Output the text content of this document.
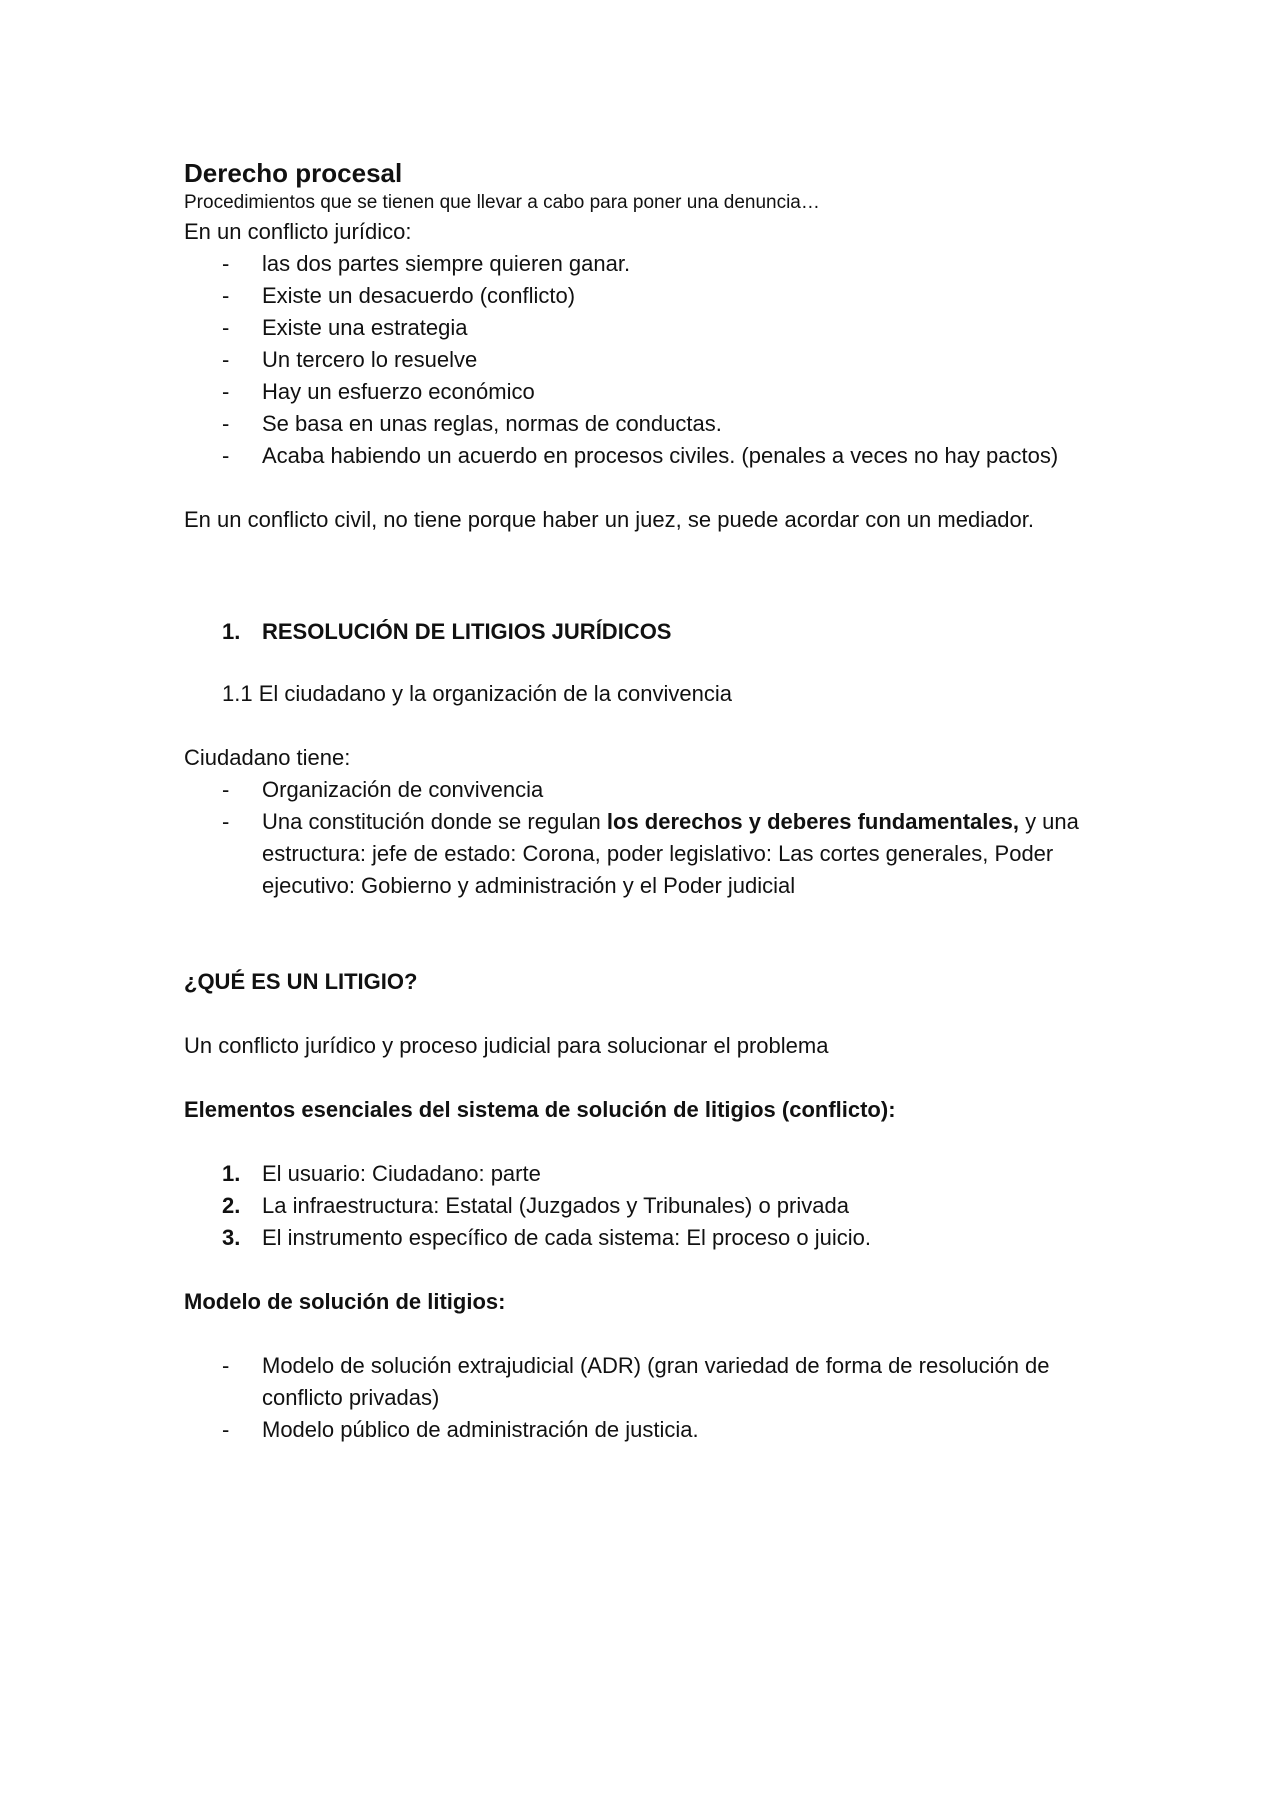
Derecho procesal

Procedimientos que se tienen que llevar a cabo para poner una denuncia…

En un conflicto jurídico:

- las dos partes siempre quieren ganar.
- Existe un desacuerdo (conflicto)
- Existe una estrategia
- Un tercero lo resuelve
- Hay un esfuerzo económico
- Se basa en unas reglas, normas de conductas.
- Acaba habiendo un acuerdo en procesos civiles. (penales a veces no hay pactos)

En un conflicto civil, no tiene porque haber un juez, se puede acordar con un mediador.

1. RESOLUCIÓN DE LITIGIOS JURÍDICOS

1.1 El ciudadano y la organización de la convivencia

Ciudadano tiene:

- Organización de convivencia
- Una constitución donde se regulan los derechos y deberes fundamentales, y una estructura: jefe de estado: Corona, poder legislativo: Las cortes generales, Poder ejecutivo: Gobierno y administración y el Poder judicial

¿QUÉ ES UN LITIGIO?

Un conflicto jurídico y proceso judicial para solucionar el problema

Elementos esenciales del sistema de solución de litigios (conflicto):

1. El usuario: Ciudadano: parte
2. La infraestructura: Estatal (Juzgados y Tribunales) o privada
3. El instrumento específico de cada sistema: El proceso o juicio.

Modelo de solución de litigios:

- Modelo de solución extrajudicial (ADR) (gran variedad de forma de resolución de conflicto privadas)
- Modelo público de administración de justicia.
